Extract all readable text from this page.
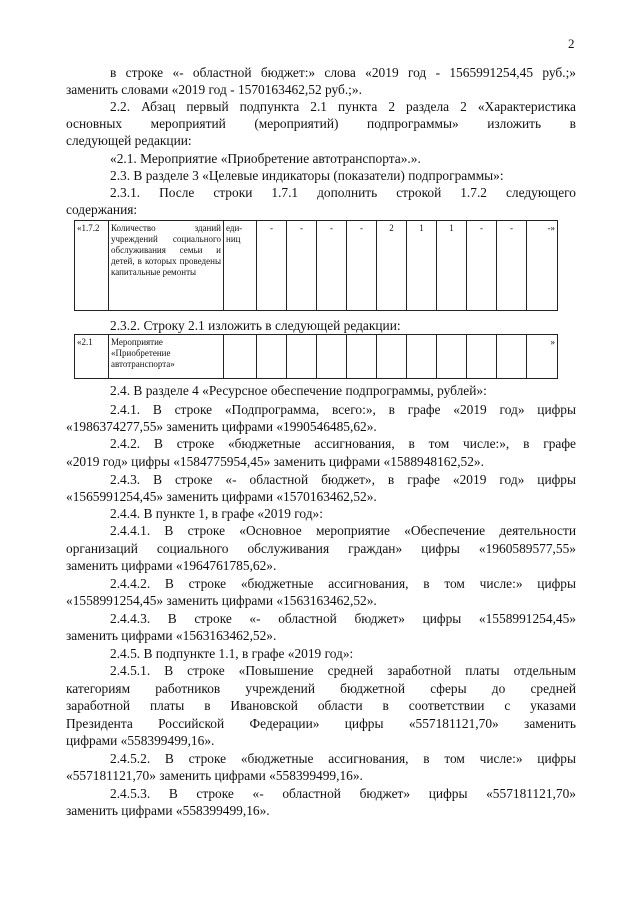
2

в строке «- областной бюджет:» слова «2019 год - 1565991254,45 руб.;»

заменить словами «2019 год - 1570163462,52 руб.;».

2.2. Абзац первый подпункта 2.1 пункта 2 раздела 2 «Характеристика

основных мероприятий (мероприятий) подпрограммы» изложить в

следующей редакции:

«2.1. Мероприятие «Приобретение автотранспорта».».

2.3. В разделе 3 «Целевые индикаторы (показатели) подпрограммы»:

2.3.1. После строки 1.7.1 дополнить строкой 1.7.2 следующего

содержания:

«1.7.2	Количество зданий учреждений социального обслуживания семьи и детей, в которых проведены капитальные ремонты	еди-ниц	-	-	-	-	2	1	1	-	-	-»

2.3.2. Строку 2.1 изложить в следующей редакции:

«2.1	Мероприятие «Приобретение автотранспорта»											»

2.4. В разделе 4 «Ресурсное обеспечение подпрограммы, рублей»:

2.4.1. В строке «Подпрограмма, всего:», в графе «2019 год» цифры

«1986374277,55» заменить цифрами «1990546485,62».

2.4.2. В строке «бюджетные ассигнования, в том числе:», в графе

«2019 год» цифры «1584775954,45» заменить цифрами «1588948162,52».

2.4.3. В строке «- областной бюджет», в графе «2019 год» цифры

«1565991254,45» заменить цифрами «1570163462,52».

2.4.4. В пункте 1, в графе «2019 год»:

2.4.4.1. В строке «Основное мероприятие «Обеспечение деятельности

организаций социального обслуживания граждан» цифры «1960589577,55»

заменить цифрами «1964761785,62».

2.4.4.2. В строке «бюджетные ассигнования, в том числе:» цифры

«1558991254,45» заменить цифрами «1563163462,52».

2.4.4.3. В строке «- областной бюджет» цифры «1558991254,45»

заменить цифрами «1563163462,52».

2.4.5. В подпункте 1.1, в графе «2019 год»:

2.4.5.1. В строке «Повышение средней заработной платы отдельным

категориям работников учреждений бюджетной сферы до средней

заработной платы в Ивановской области в соответствии с указами

Президента Российской Федерации» цифры «557181121,70» заменить

цифрами «558399499,16».

2.4.5.2. В строке «бюджетные ассигнования, в том числе:» цифры

«557181121,70» заменить цифрами «558399499,16».

2.4.5.3. В строке «- областной бюджет» цифры «557181121,70»

заменить цифрами «558399499,16».
